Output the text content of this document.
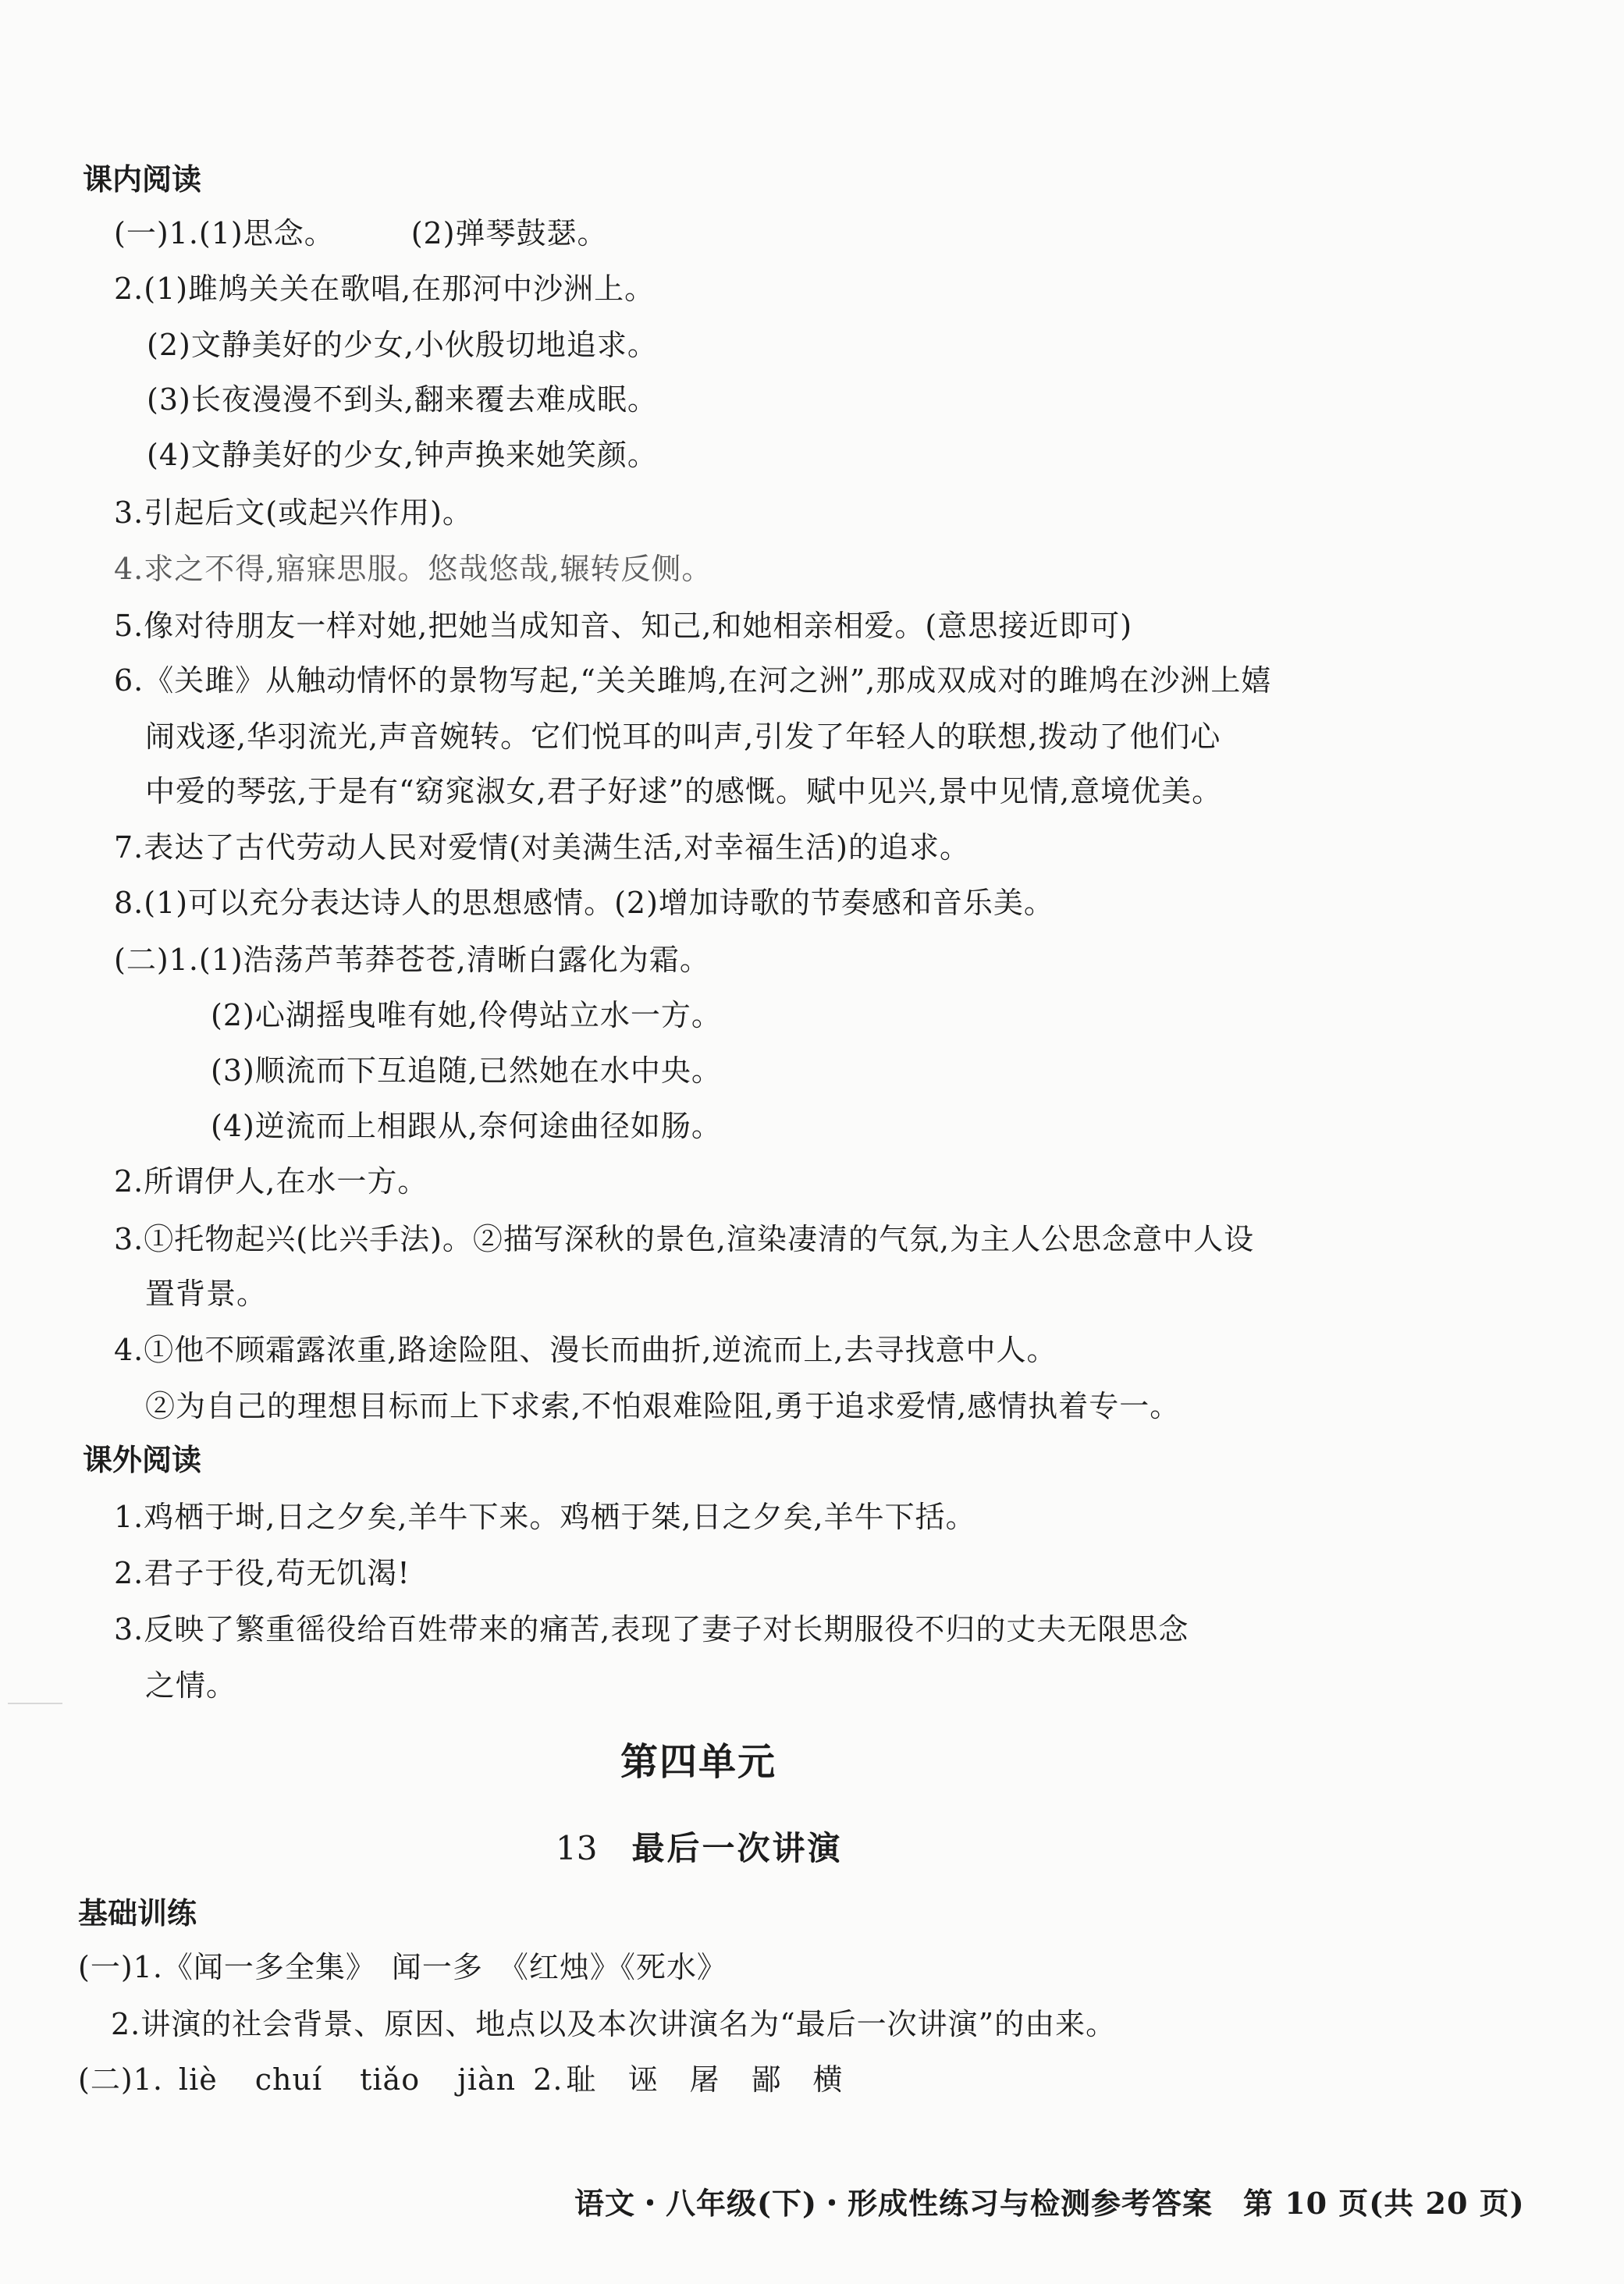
课内阅读
(一)1.(1)思念。　　　(2)弹琴鼓瑟。
2.(1)雎鸠关关在歌唱,在那河中沙洲上。
(2)文静美好的少女,小伙殷切地追求。
(3)长夜漫漫不到头,翻来覆去难成眠。
(4)文静美好的少女,钟声换来她笑颜。
3.引起后文(或起兴作用)。
4.求之不得,寤寐思服。悠哉悠哉,辗转反侧。
5.像对待朋友一样对她,把她当成知音、知己,和她相亲相爱。(意思接近即可)
6.《关雎》从触动情怀的景物写起,“关关雎鸠,在河之洲”,那成双成对的雎鸠在沙洲上嬉
闹戏逐,华羽流光,声音婉转。它们悦耳的叫声,引发了年轻人的联想,拨动了他们心
中爱的琴弦,于是有“窈窕淑女,君子好逑”的感慨。赋中见兴,景中见情,意境优美。
7.表达了古代劳动人民对爱情(对美满生活,对幸福生活)的追求。
8.(1)可以充分表达诗人的思想感情。(2)增加诗歌的节奏感和音乐美。
(二)1.(1)浩荡芦苇莽苍苍,清晰白露化为霜。
(2)心湖摇曳唯有她,伶俜站立水一方。
(3)顺流而下互追随,已然她在水中央。
(4)逆流而上相跟从,奈何途曲径如肠。
2.所谓伊人,在水一方。
3.①托物起兴(比兴手法)。②描写深秋的景色,渲染凄清的气氛,为主人公思念意中人设
置背景。
4.①他不顾霜露浓重,路途险阻、漫长而曲折,逆流而上,去寻找意中人。
②为自己的理想目标而上下求索,不怕艰难险阻,勇于追求爱情,感情执着专一。
课外阅读
1.鸡栖于埘,日之夕矣,羊牛下来。鸡栖于桀,日之夕矣,羊牛下括。
2.君子于役,苟无饥渴!
3.反映了繁重徭役给百姓带来的痛苦,表现了妻子对长期服役不归的丈夫无限思念
之情。
第四单元
13 最后一次讲演
基础训练
(一)1.《闻一多全集》　闻一多　《红烛》《死水》
2.讲演的社会背景、原因、地点以及本次讲演名为“最后一次讲演”的由来。
(二)1. liè chuí tiǎo jiàn 2. 耻 诬 屠 鄙 横
语文・八年级(下)・形成性练习与检测参考答案　第 10 页(共 20 页)
